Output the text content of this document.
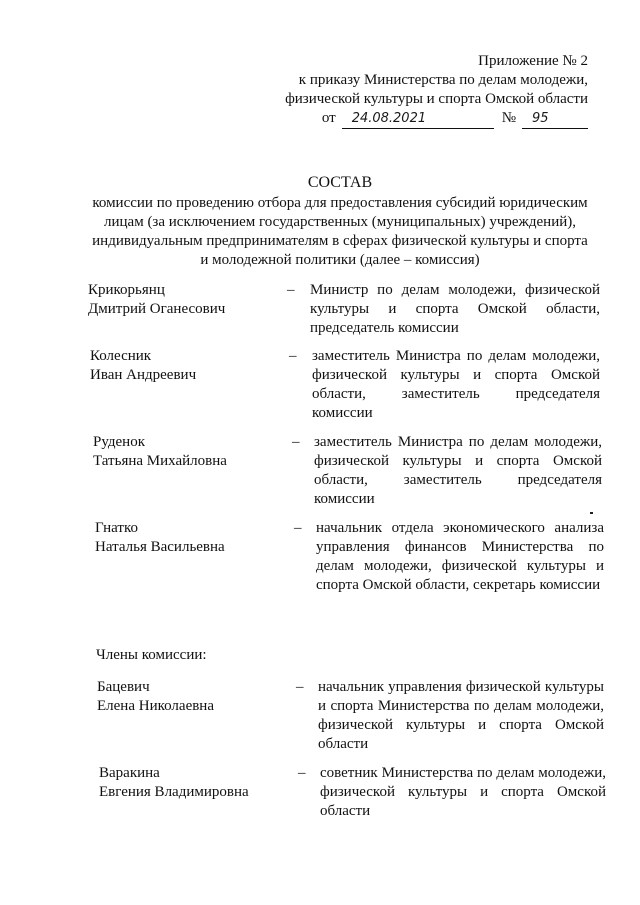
Приложение № 2
к приказу Министерства по делам молодежи,
физической культуры и спорта Омской области
от 24.08.2021	№ 95
СОСТАВ
комиссии по проведению отбора для предоставления субсидий юридическим
лицам (за исключением государственных (муниципальных) учреждений),
индивидуальным предпринимателям в сферах физической культуры и спорта
и молодежной политики (далее – комиссия)
Крикорьянц
Дмитрий Оганесович
– Министр по делам молодежи, физической культуры и спорта Омской области, председатель комиссии
Колесник
Иван Андреевич
– заместитель Министра по делам молодежи, физической культуры и спорта Омской области, заместитель председателя комиссии
Руденок
Татьяна Михайловна
– заместитель Министра по делам молодежи, физической культуры и спорта Омской области, заместитель председателя комиссии
Гнатко
Наталья Васильевна
– начальник отдела экономического анализа управления финансов Министерства по делам молодежи, физической культуры и спорта Омской области, секретарь комиссии
Члены комиссии:
Бацевич
Елена Николаевна
– начальник управления физической культуры и спорта Министерства по делам молодежи, физической культуры и спорта Омской области
Варакина
Евгения Владимировна
– советник Министерства по делам молодежи, физической культуры и спорта Омской области
